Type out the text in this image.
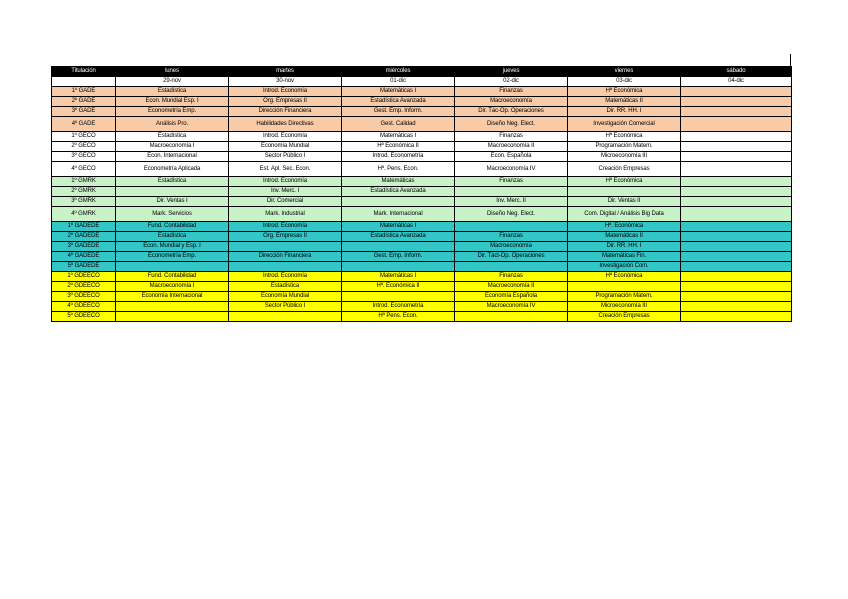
Titulación	lunes	martes	miércoles	jueves	viernes	sábado
	29-nov	30-nov	01-dic	02-dic	03-dic	04-dic
1º GADE	Estadística	Introd. Economía	Matemáticas I	Finanzas	Hª Económica	
2º GADE	Econ. Mundial Esp. I	Org. Empresas II	Estadística Avanzada	Macroeconomía	Matemáticas II	
3º GADE	Econometría Emp.	Dirección Financiera	Gest. Emp. Inform.	Dir. Tác-Op. Operaciones	Dir. RR. HH. I	
4º GADE	Análisis Pro.	Habilidades Directivas	Gest. Calidad	Diseño Neg. Elect.	Investigación Comercial	
1º GECO	Estadística	Introd. Economía	Matemáticas I	Finanzas	Hª Económica	
2º GECO	Macroeconomía I	Economía Mundial	Hª Económica II	Macroeconomía II	Programación Matem.	
3º GECO	Econ. Internacional	Sector Público I	Introd. Econometría	Econ. Española	Microeconomía III	
4º GECO	Econometría Aplicada	Est. Apl. Sec. Econ.	Hª. Pens. Econ.	Macroeconomía IV	Creación Empresas	
1º GMRK	Estadística	Introd. Economía	Matemáticas	Finanzas	Hª Económica	
2º GMRK		Inv. Merc. I	Estadística Avanzada			
3º GMRK	Dir. Ventas I	Dir. Comercial		Inv. Merc. II	Dir. Ventas II	
4º GMRK	Mark. Servicios	Mark. Industrial	Mark. Internacional	Diseño Neg. Elect.	Com. Digital / Análisis Big Data	
1º GADEDE	Fund. Contabilidad	Introd. Economía	Matemáticas I		Hª. Económica	
2º GADEDE	Estadística	Org. Empresas II	Estadística Avanzada	Finanzas	Matemáticas II	
3º GADEDE	Econ. Mundial y Esp. I			Macroeconomía	Dir. RR. HH. I	
4º GADEDE	Econometría Emp.	Dirección Financiera	Gest. Emp. Inform.	Dir. Táct-Op. Operaciones	Matemáticas Fin.	
5º GADEDE					Investigación Com.	
1º GDEECO	Fund. Contabilidad	Introd. Economía	Matemáticas I	Finanzas	Hª Económica	
2º GDEECO	Macroeconomía I	Estadística	Hª. Económica II	Macroeconomía II		
3º GDEECO	Economía Internacional	Economía Mundial		Economía Española	Programación Matem.	
4º GDEECO		Sector Público I	Introd. Econometría	Macroeconomía IV	Microeconomía III	
5º GDEECO			Hª Pens. Econ.		Creación Empresas	
